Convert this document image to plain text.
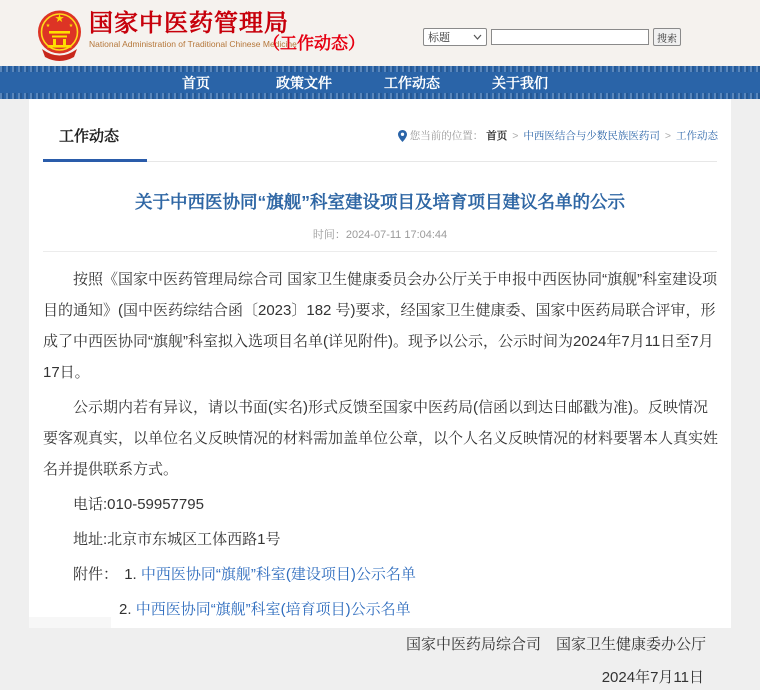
★
★	★ 国家中医药管理局
National Administration of Traditional Chinese Medicine
（工作动态）	标题	搜索
首页	政策文件	工作动态	关于我们
工作动态	您当前的位置： 首页 > 中西医结合与少数民族医药司 > 工作动态
关于中西医协同“旗舰”科室建设项目及培育项目建议名单的公示
时间：2024-07-11 17:04:44

按照《国家中医药管理局综合司 国家卫生健康委员会办公厅关于申报中西医协同“旗舰”科室建设项目的通知》(国中医药综结合函〔2023〕182 号)要求，经国家卫生健康委、国家中医药局联合评审，形成了中西医协同“旗舰”科室拟入选项目名单(详见附件)。现予以公示，公示时间为2024年7月11日至7月17日。

公示期内若有异议，请以书面(实名)形式反馈至国家中医药局(信函以到达日邮戳为准)。反映情况要客观真实，以单位名义反映情况的材料需加盖单位公章，以个人名义反映情况的材料要署本人真实姓名并提供联系方式。

电话:010-59957795

地址:北京市东城区工体西路1号

附件： 1. 中西医协同“旗舰”科室(建设项目)公示名单

2. 中西医协同“旗舰”科室(培育项目)公示名单

国家中医药局综合司　国家卫生健康委办公厅

2024年7月11日
